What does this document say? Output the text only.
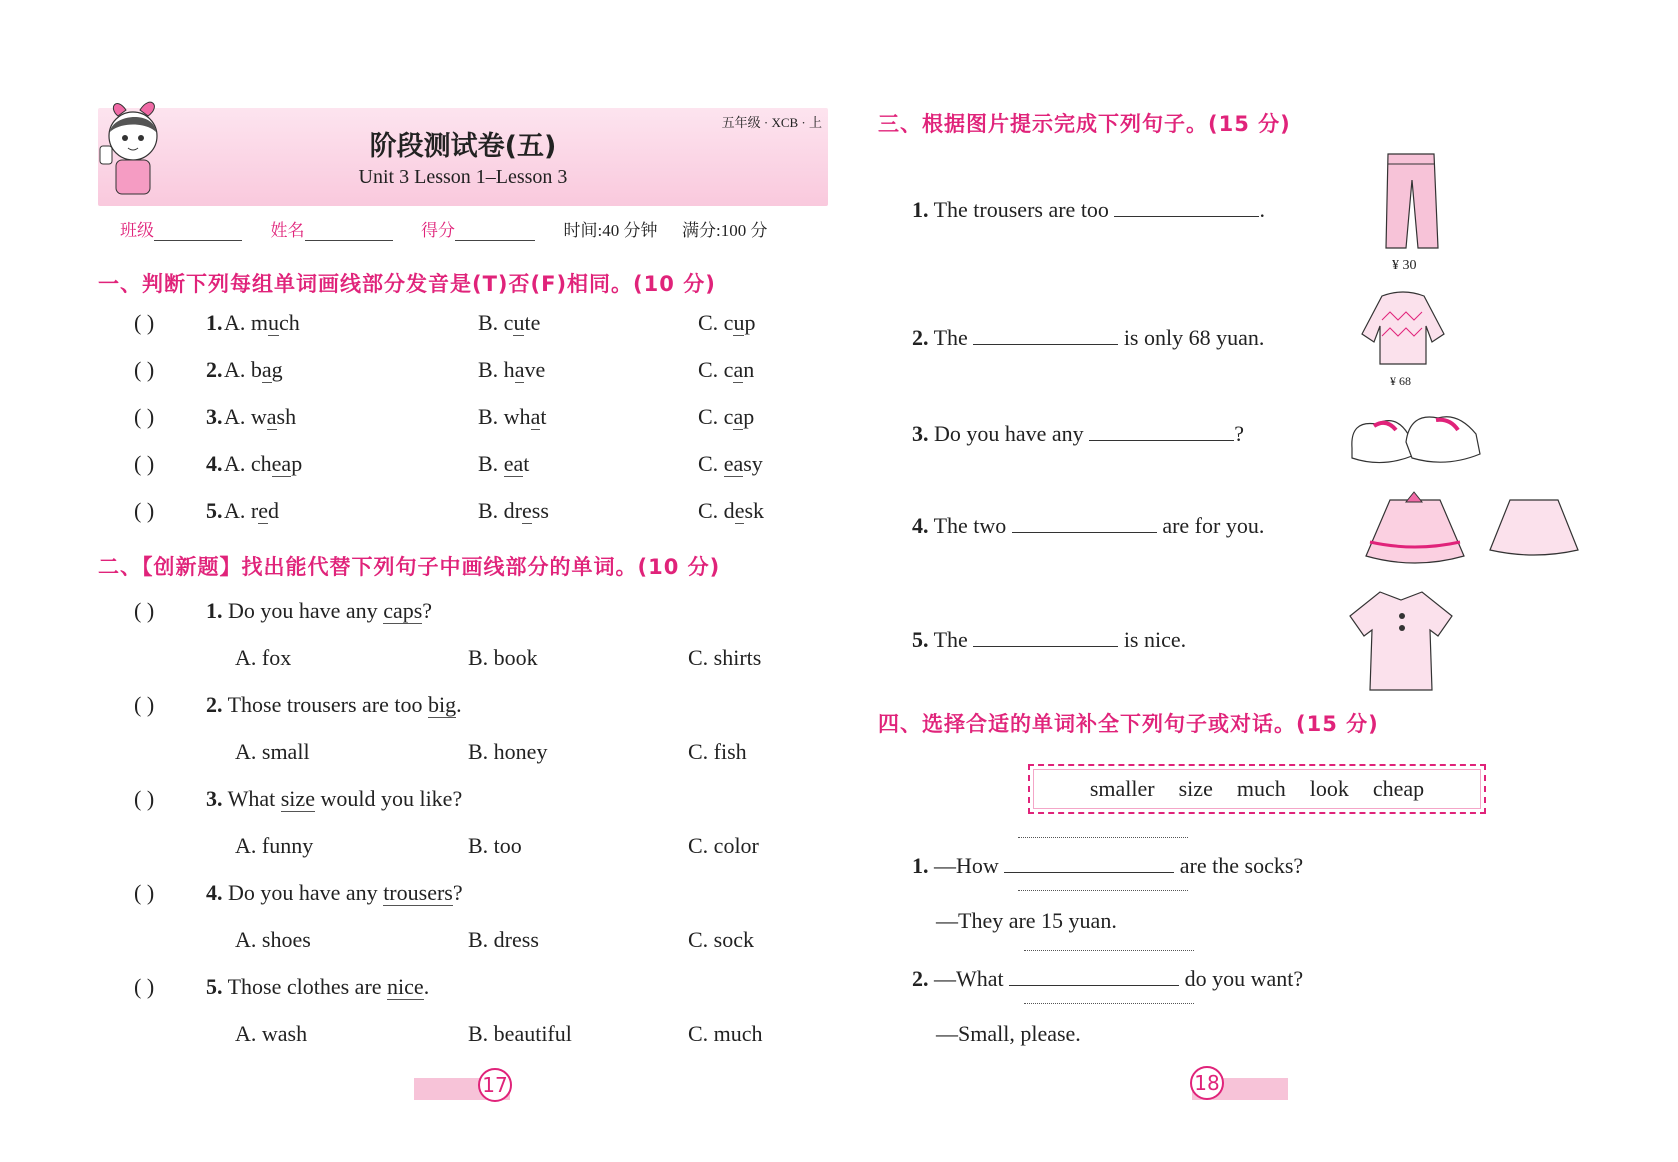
阶段测试卷(五)
Unit 3 Lesson 1–Lesson 3
五年级 · XCB · 上
班级	姓名	得分	时间:40 分钟 满分:100 分
一、判断下列每组单词画线部分发音是(T)否(F)相同。(10 分)
( ) 1. A. much	B. cute	C. cup
( ) 2. A. bag	B. have	C. can
( ) 3. A. wash	B. what	C. cap
( ) 4. A. cheap	B. eat	C. easy
( ) 5. A. red	B. dress	C. desk
二、【创新题】找出能代替下列句子中画线部分的单词。(10 分)
( ) 1. Do you have any caps?
A. fox	B. book	C. shirts
( ) 2. Those trousers are too big.
A. small	B. honey	C. fish
( ) 3. What size would you like?
A. funny	B. too	C. color
( ) 4. Do you have any trousers?
A. shoes	B. dress	C. sock
( ) 5. Those clothes are nice.
A. wash	B. beautiful	C. much
17
三、根据图片提示完成下列句子。(15 分)
1. The trousers are too	.
2. The	is only 68 yuan.
3. Do you have any	?
4. The two	are for you.
5. The	is nice.
¥ 30
¥ 68
四、选择合适的单词补全下列句子或对话。(15 分)
smaller size much look cheap
1. —How	are the socks?
—They are 15 yuan.
2. —What	do you want?
—Small, please.
18
